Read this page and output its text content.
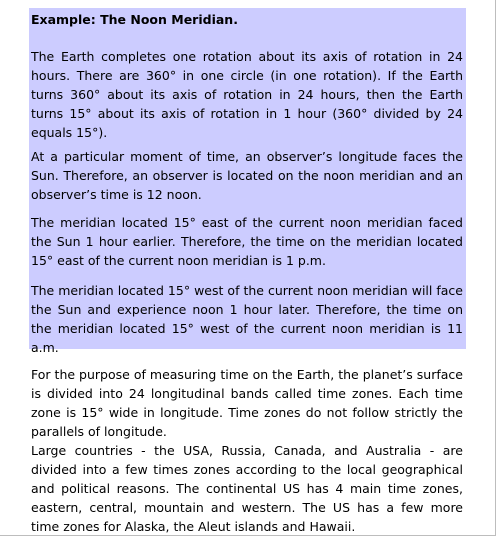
Example: The Noon Meridian.

The Earth completes one rotation about its axis of rotation in 24 hours. There are 360° in one circle (in one rotation). If the Earth turns 360° about its axis of rotation in 24 hours, then the Earth turns 15° about its axis of rotation in 1 hour (360° divided by 24 equals 15°).

At a particular moment of time, an observer’s longitude faces the Sun. Therefore, an observer is located on the noon meridian and an observer’s time is 12 noon.

The meridian located 15° east of the current noon meridian faced the Sun 1 hour earlier. Therefore, the time on the meridian located 15° east of the current noon meridian is 1 p.m.

The meridian located 15° west of the current noon meridian will face the Sun and experience noon 1 hour later. Therefore, the time on the meridian located 15° west of the current noon meridian is 11 a.m.

For the purpose of measuring time on the Earth, the planet’s surface is divided into 24 longitudinal bands called time zones. Each time zone is 15° wide in longitude. Time zones do not follow strictly the parallels of longitude.

Large countries - the USA, Russia, Canada, and Australia - are divided into a few times zones according to the local geographical and political reasons. The continental US has 4 main time zones, eastern, central, mountain and western. The US has a few more time zones for Alaska, the Aleut islands and Hawaii.
